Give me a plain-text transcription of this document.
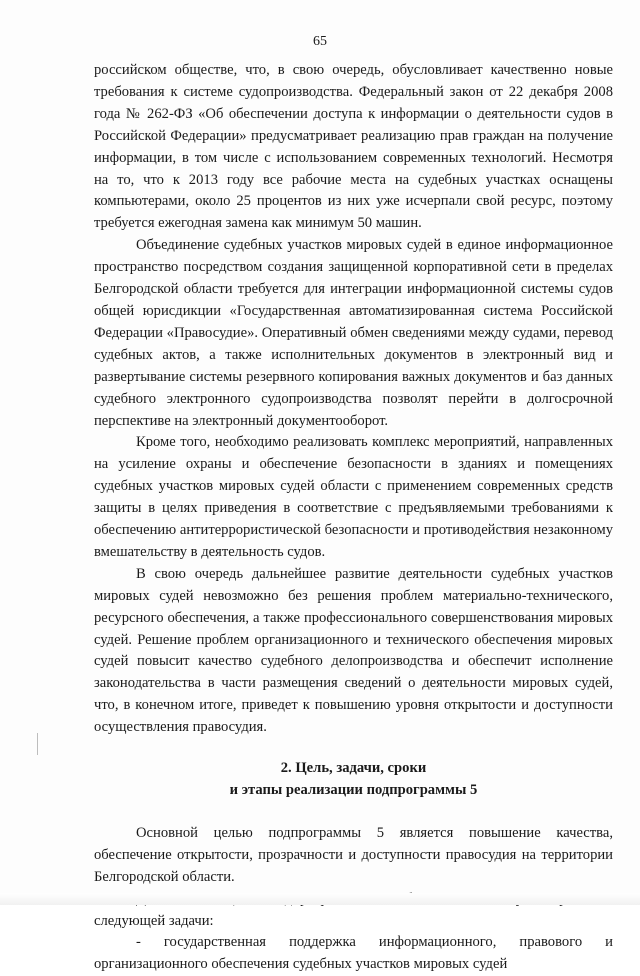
65

российском обществе, что, в свою очередь, обусловливает качественно новые требования к системе судопроизводства. Федеральный закон от 22 декабря 2008 года № 262-ФЗ «Об обеспечении доступа к информации о деятельности судов в Российской Федерации» предусматривает реализацию прав граждан на получение информации, в том числе с использованием современных технологий. Несмотря на то, что к 2013 году все рабочие места на судебных участках оснащены компьютерами, около 25 процентов из них уже исчерпали свой ресурс, поэтому требуется ежегодная замена как минимум 50 машин.

Объединение судебных участков мировых судей в единое информационное пространство посредством создания защищенной корпоративной сети в пределах Белгородской области требуется для интеграции информационной системы судов общей юрисдикции «Государственная автоматизированная система Российской Федерации «Правосудие». Оперативный обмен сведениями между судами, перевод судебных актов, а также исполнительных документов в электронный вид и развертывание системы резервного копирования важных документов и баз данных судебного электронного судопроизводства позволят перейти в долгосрочной перспективе на электронный документооборот.

Кроме того, необходимо реализовать комплекс мероприятий, направленных на усиление охраны и обеспечение безопасности в зданиях и помещениях судебных участков мировых судей области с применением современных средств защиты в целях приведения в соответствие с предъявляемыми требованиями к обеспечению антитеррористической безопасности и противодействия незаконному вмешательству в деятельность судов.

В свою очередь дальнейшее развитие деятельности судебных участков мировых судей невозможно без решения проблем материально-технического, ресурсного обеспечения, а также профессионального совершенствования мировых судей. Решение проблем организационного и технического обеспечения мировых судей повысит качество судебного делопроизводства и обеспечит исполнение законодательства в части размещения сведений о деятельности мировых судей, что, в конечном итоге, приведет к повышению уровня открытости и доступности осуществления правосудия.

2. Цель, задачи, сроки

и этапы реализации подпрограммы 5

Основной целью подпрограммы 5 является повышение качества, обеспечение открытости, прозрачности и доступности правосудия на территории Белгородской области.

следующей задачи:

- государственная поддержка информационного, правового и организационного обеспечения судебных участков мировых судей
